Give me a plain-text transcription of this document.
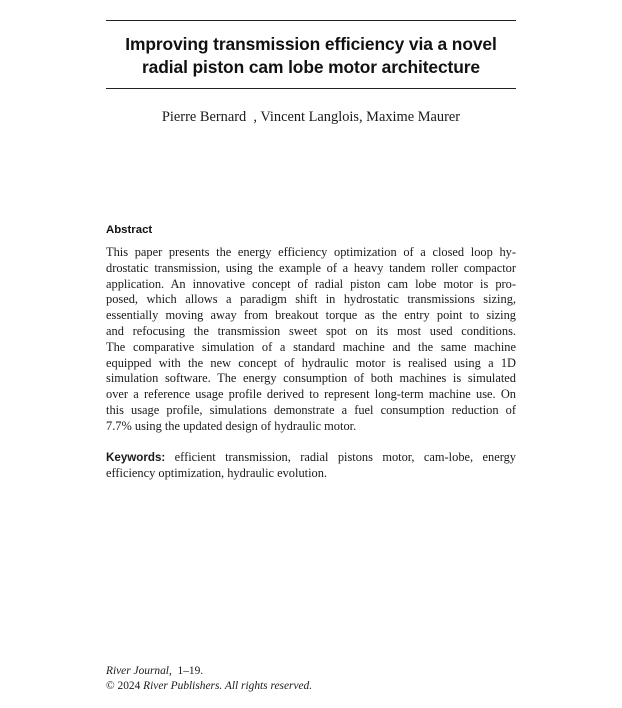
Improving transmission efficiency via a novel
radial piston cam lobe motor architecture
Pierre Bernard , Vincent Langlois, Maxime Maurer
Abstract
This paper presents the energy efficiency optimization of a closed loop hy-
drostatic transmission, using the example of a heavy tandem roller compactor
application. An innovative concept of radial piston cam lobe motor is pro-
posed, which allows a paradigm shift in hydrostatic transmissions sizing,
essentially moving away from breakout torque as the entry point to sizing
and refocusing the transmission sweet spot on its most used conditions.
The comparative simulation of a standard machine and the same machine
equipped with the new concept of hydraulic motor is realised using a 1D
simulation software. The energy consumption of both machines is simulated
over a reference usage profile derived to represent long-term machine use. On
this usage profile, simulations demonstrate a fuel consumption reduction of
7.7% using the updated design of hydraulic motor.
Keywords: efficient transmission, radial pistons motor, cam-lobe, energy
efficiency optimization, hydraulic evolution.
River Journal, 1–19.
© 2024 River Publishers. All rights reserved.
